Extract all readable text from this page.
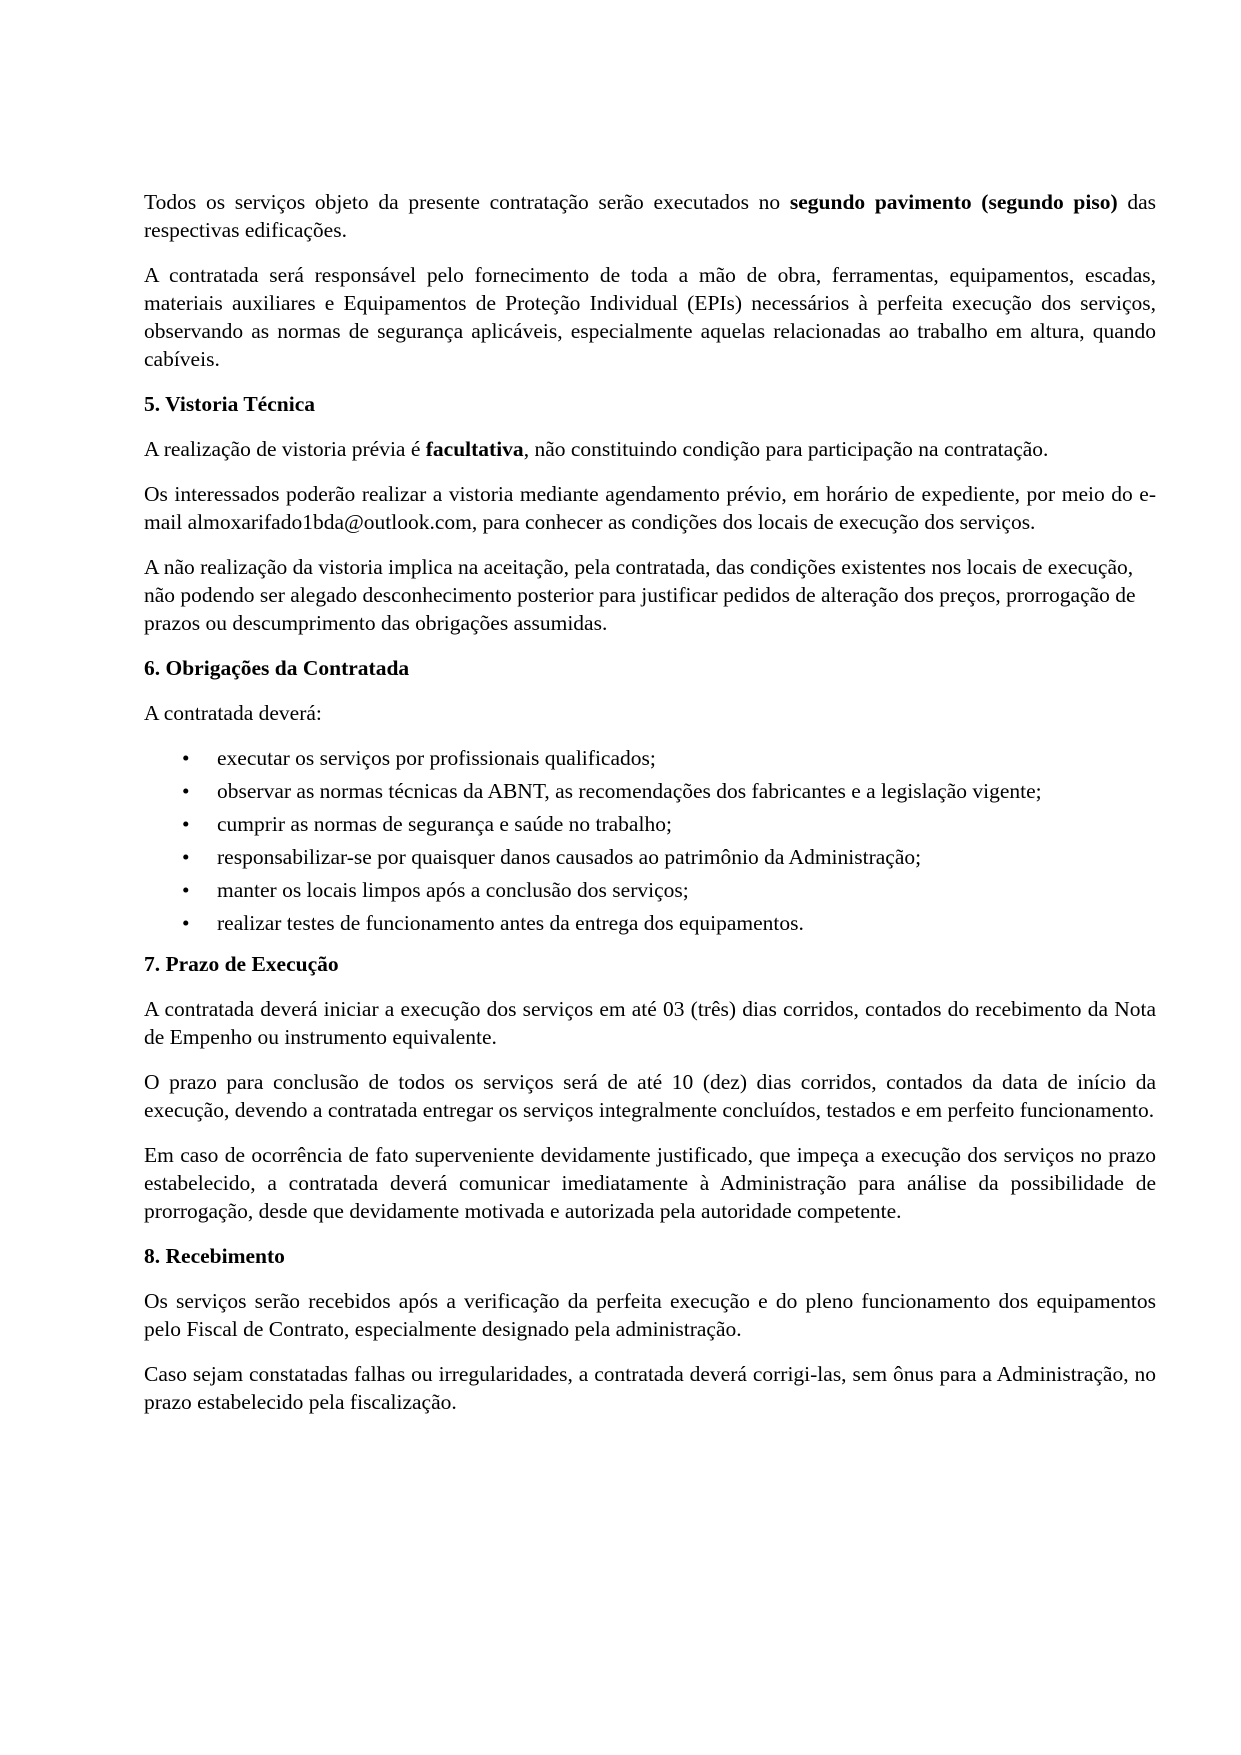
Todos os serviços objeto da presente contratação serão executados no segundo pavimento (segundo piso) das respectivas edificações.

A contratada será responsável pelo fornecimento de toda a mão de obra, ferramentas, equipamentos, escadas, materiais auxiliares e Equipamentos de Proteção Individual (EPIs) necessários à perfeita execução dos serviços, observando as normas de segurança aplicáveis, especialmente aquelas relacionadas ao trabalho em altura, quando cabíveis.

5. Vistoria Técnica

A realização de vistoria prévia é facultativa, não constituindo condição para participação na contratação.

Os interessados poderão realizar a vistoria mediante agendamento prévio, em horário de expediente, por meio do e-mail almoxarifado1bda@outlook.com, para conhecer as condições dos locais de execução dos serviços.

A não realização da vistoria implica na aceitação, pela contratada, das condições existentes nos locais de execução, não podendo ser alegado desconhecimento posterior para justificar pedidos de alteração dos preços, prorrogação de prazos ou descumprimento das obrigações assumidas.

6. Obrigações da Contratada

A contratada deverá:

• executar os serviços por profissionais qualificados;
• observar as normas técnicas da ABNT, as recomendações dos fabricantes e a legislação vigente;
• cumprir as normas de segurança e saúde no trabalho;
• responsabilizar-se por quaisquer danos causados ao patrimônio da Administração;
• manter os locais limpos após a conclusão dos serviços;
• realizar testes de funcionamento antes da entrega dos equipamentos.

7. Prazo de Execução

A contratada deverá iniciar a execução dos serviços em até 03 (três) dias corridos, contados do recebimento da Nota de Empenho ou instrumento equivalente.

O prazo para conclusão de todos os serviços será de até 10 (dez) dias corridos, contados da data de início da execução, devendo a contratada entregar os serviços integralmente concluídos, testados e em perfeito funcionamento.

Em caso de ocorrência de fato superveniente devidamente justificado, que impeça a execução dos serviços no prazo estabelecido, a contratada deverá comunicar imediatamente à Administração para análise da possibilidade de prorrogação, desde que devidamente motivada e autorizada pela autoridade competente.

8. Recebimento

Os serviços serão recebidos após a verificação da perfeita execução e do pleno funcionamento dos equipamentos pelo Fiscal de Contrato, especialmente designado pela administração.

Caso sejam constatadas falhas ou irregularidades, a contratada deverá corrigi-las, sem ônus para a Administração, no prazo estabelecido pela fiscalização.
